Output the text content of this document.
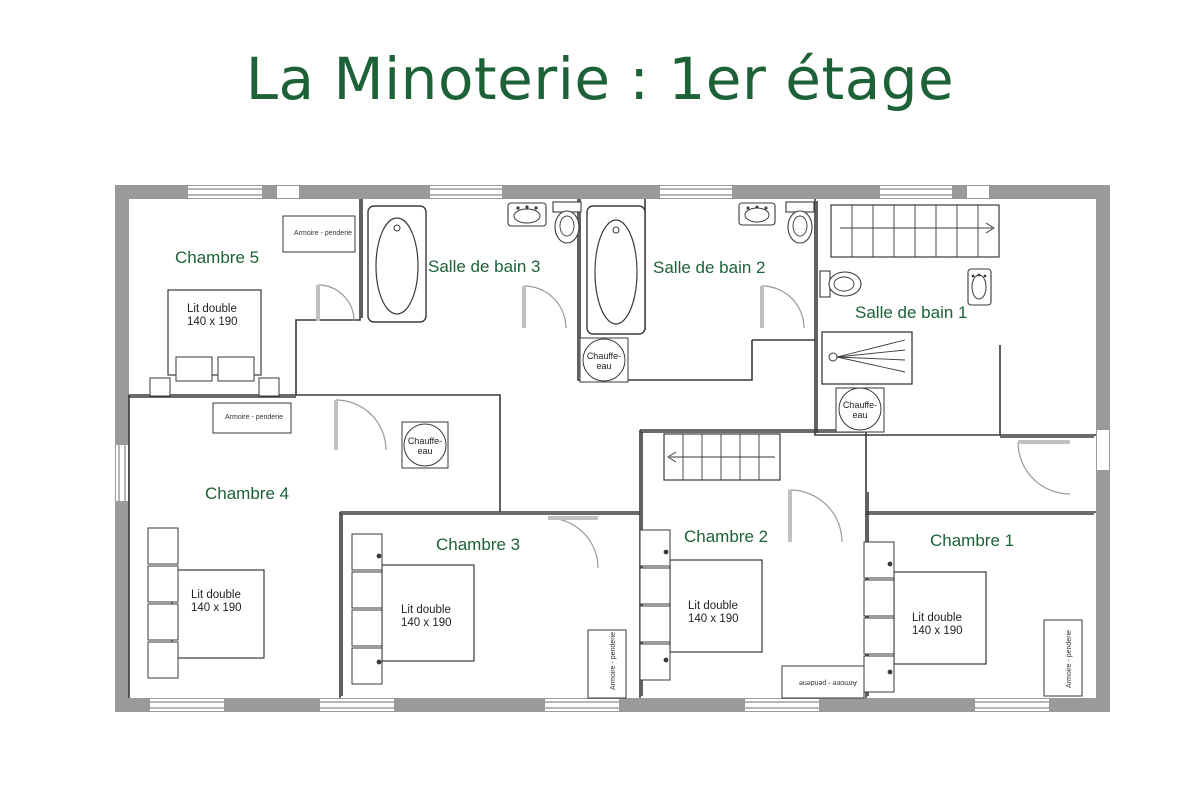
La Minoterie : 1er étage
Chambre 5	Salle de bain 3	Salle de bain 2
Salle de bain 1
Chambre 4
Chambre 3	Chambre 2	Chambre 1
Lit double
140 x 190
Lit double
140 x 190	Lit double
140 x 190
Lit double
140 x 190	Lit double
140 x 190
Armoire - penderie
Armoire - penderie
Armoire - penderie	Armoire - penderie	Armoire - penderie
Chauffe-
eau
Chauffe-
eau
Chauffe-
eau
